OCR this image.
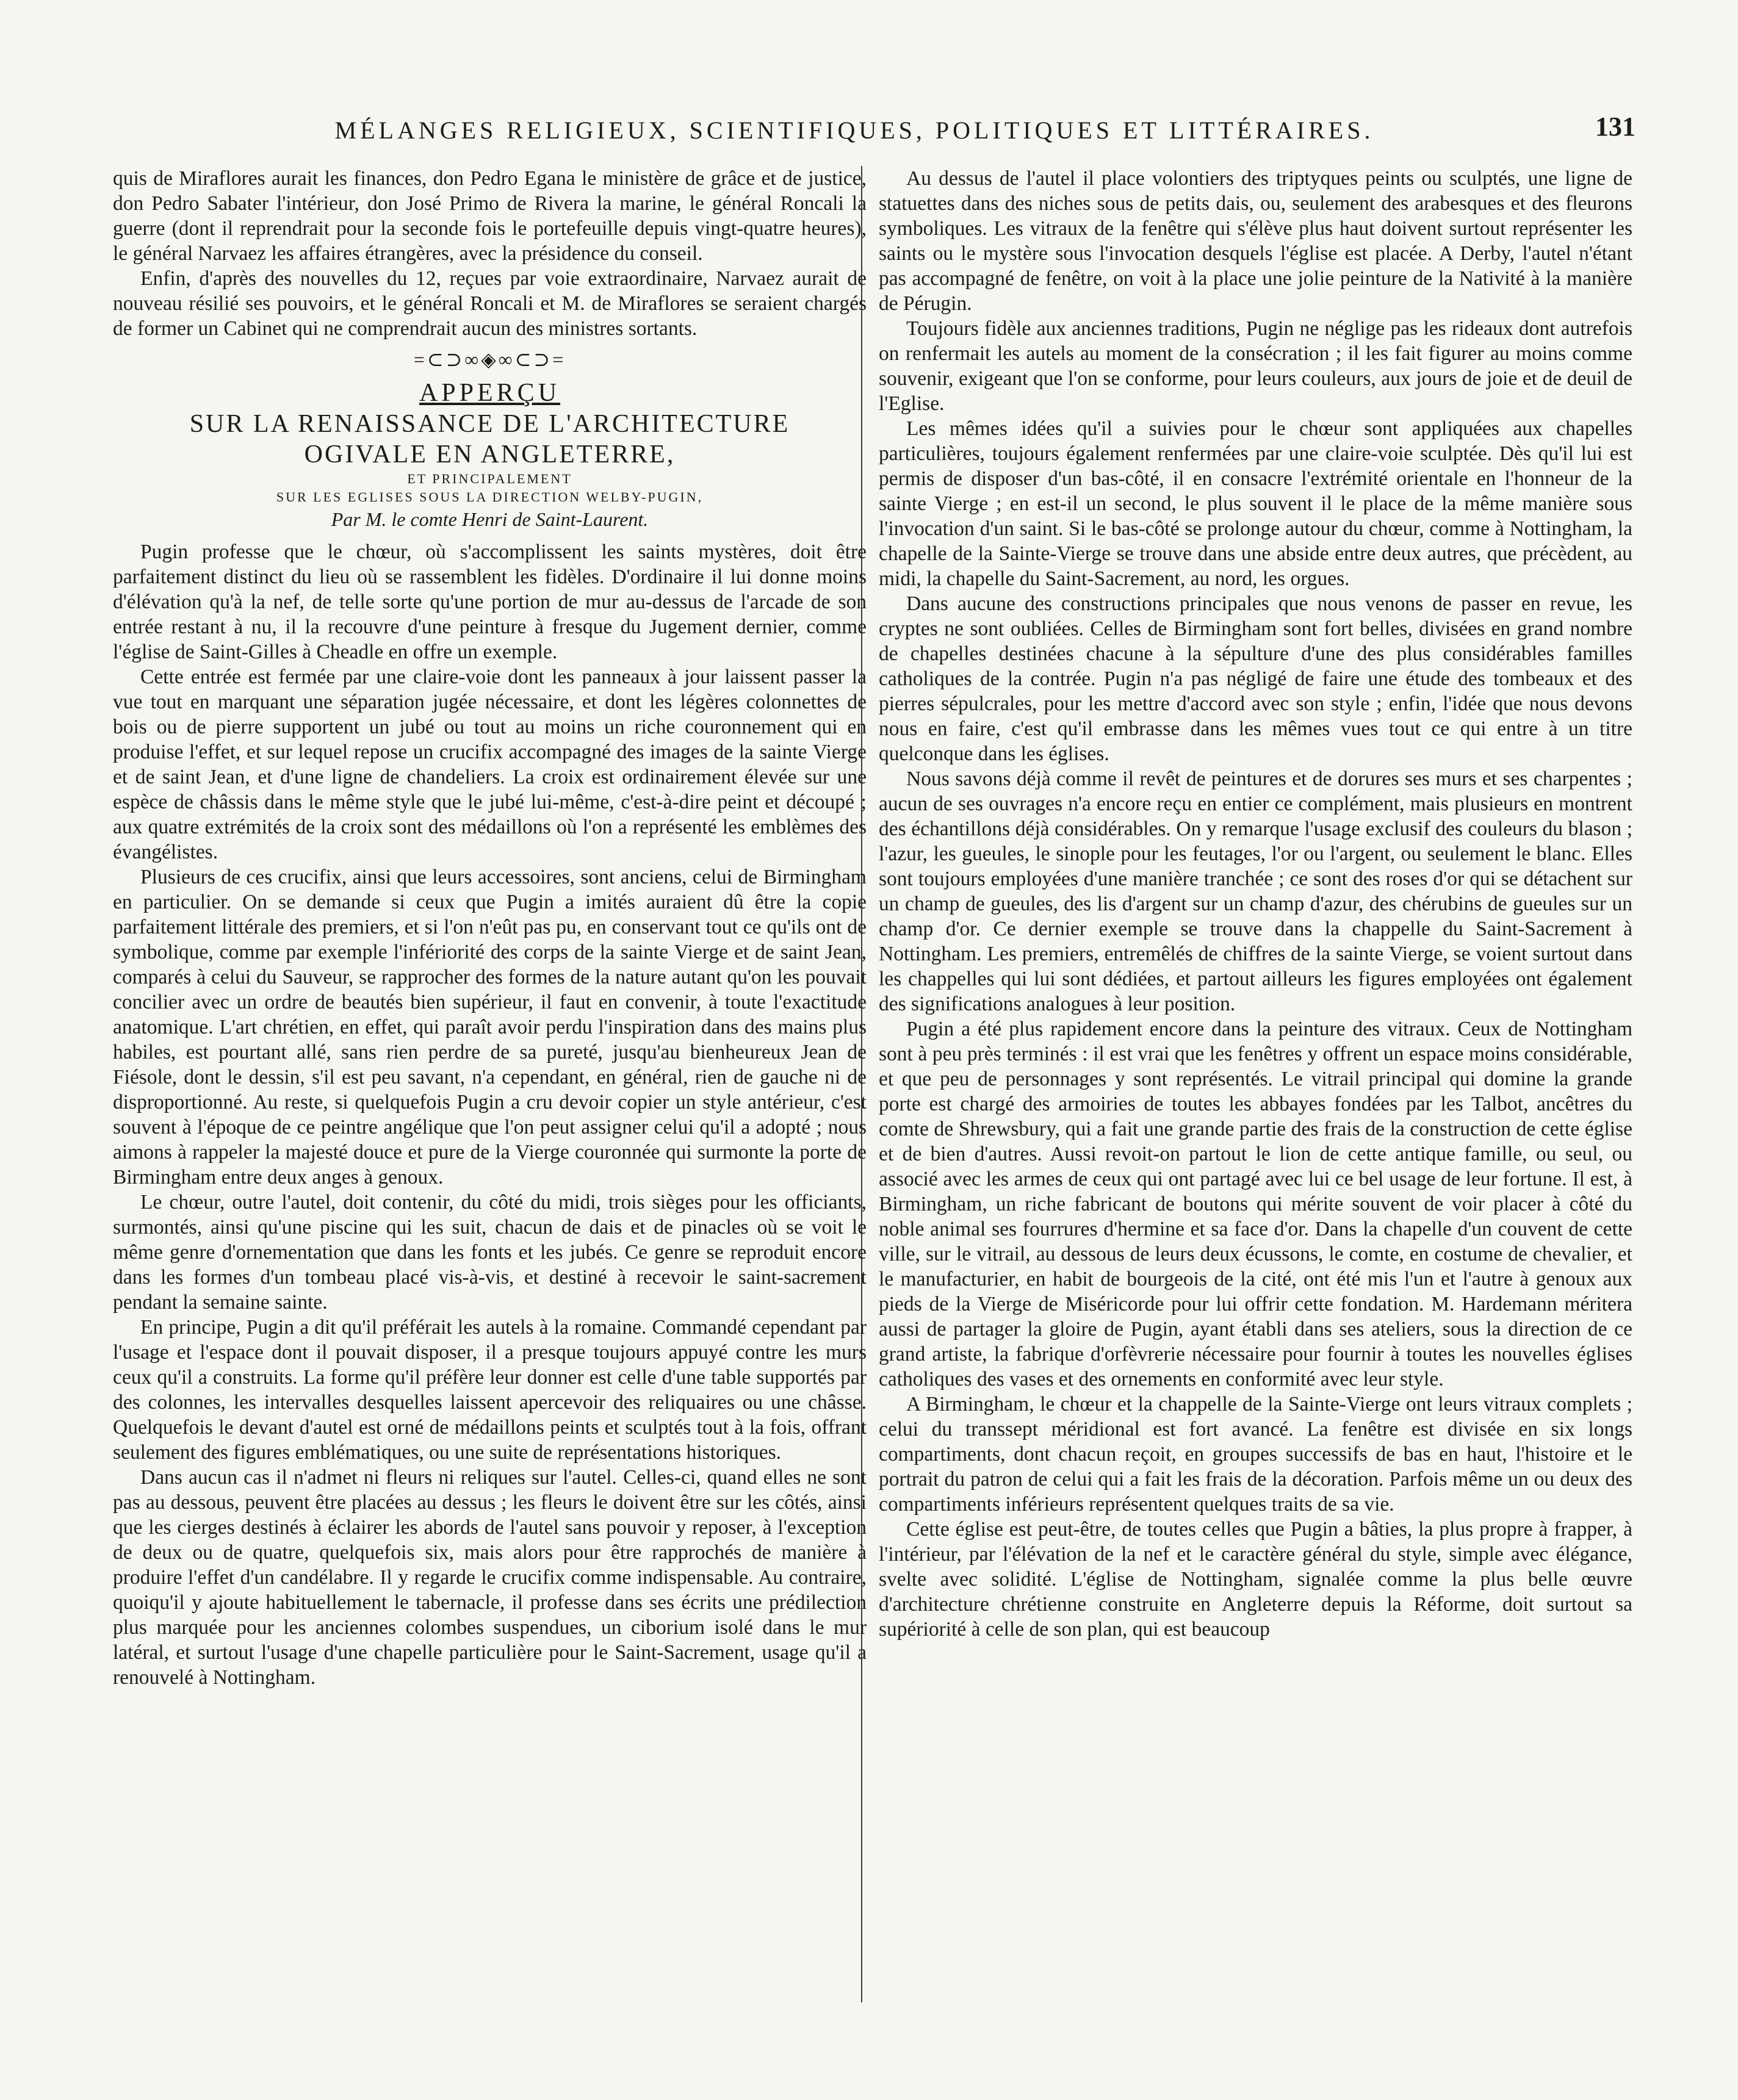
MÉLANGES RELIGIEUX, SCIENTIFIQUES, POLITIQUES ET LITTÉRAIRES.	131

quis de Miraflores aurait les finances, don Pedro Egana le ministère de grâce et de justice, don Pedro Sabater l'intérieur, don José Primo de Rivera la marine, le général Roncali la guerre (dont il reprendrait pour la seconde fois le portefeuille depuis vingt-quatre heures), le général Narvaez les affaires étrangères, avec la présidence du conseil.

Enfin, d'après des nouvelles du 12, reçues par voie extraordinaire, Narvaez aurait de nouveau résilié ses pouvoirs, et le général Roncali et M. de Miraflores se seraient chargés de former un Cabinet qui ne comprendrait aucun des ministres sortants.

=⊂⊃∞◈∞⊂⊃=
APPERÇU
SUR LA RENAISSANCE DE L'ARCHITECTURE
OGIVALE EN ANGLETERRE,
ET PRINCIPALEMENT
SUR LES EGLISES SOUS LA DIRECTION WELBY-PUGIN,
Par M. le comte Henri de Saint-Laurent.

Pugin professe que le chœur, où s'accomplissent les saints mystères, doit être parfaitement distinct du lieu où se rassemblent les fidèles. D'ordinaire il lui donne moins d'élévation qu'à la nef, de telle sorte qu'une portion de mur au-dessus de l'arcade de son entrée restant à nu, il la recouvre d'une peinture à fresque du Jugement dernier, comme l'église de Saint-Gilles à Cheadle en offre un exemple.

Cette entrée est fermée par une claire-voie dont les panneaux à jour laissent passer la vue tout en marquant une séparation jugée nécessaire, et dont les légères colonnettes de bois ou de pierre supportent un jubé ou tout au moins un riche couronnement qui en produise l'effet, et sur lequel repose un crucifix accompagné des images de la sainte Vierge et de saint Jean, et d'une ligne de chandeliers. La croix est ordinairement élevée sur une espèce de châssis dans le même style que le jubé lui-même, c'est-à-dire peint et découpé ; aux quatre extrémités de la croix sont des médaillons où l'on a représenté les emblèmes des évangélistes.

Plusieurs de ces crucifix, ainsi que leurs accessoires, sont anciens, celui de Birmingham en particulier. On se demande si ceux que Pugin a imités auraient dû être la copie parfaitement littérale des premiers, et si l'on n'eût pas pu, en conservant tout ce qu'ils ont de symbolique, comme par exemple l'infériorité des corps de la sainte Vierge et de saint Jean, comparés à celui du Sauveur, se rapprocher des formes de la nature autant qu'on les pouvait concilier avec un ordre de beautés bien supérieur, il faut en convenir, à toute l'exactitude anatomique. L'art chrétien, en effet, qui paraît avoir perdu l'inspiration dans des mains plus habiles, est pourtant allé, sans rien perdre de sa pureté, jusqu'au bienheureux Jean de Fiésole, dont le dessin, s'il est peu savant, n'a cependant, en général, rien de gauche ni de disproportionné. Au reste, si quelquefois Pugin a cru devoir copier un style antérieur, c'est souvent à l'époque de ce peintre angélique que l'on peut assigner celui qu'il a adopté ; nous aimons à rappeler la majesté douce et pure de la Vierge couronnée qui surmonte la porte de Birmingham entre deux anges à genoux.

Le chœur, outre l'autel, doit contenir, du côté du midi, trois sièges pour les officiants, surmontés, ainsi qu'une piscine qui les suit, chacun de dais et de pinacles où se voit le même genre d'ornementation que dans les fonts et les jubés. Ce genre se reproduit encore dans les formes d'un tombeau placé vis-à-vis, et destiné à recevoir le saint-sacrement pendant la semaine sainte.

En principe, Pugin a dit qu'il préférait les autels à la romaine. Commandé cependant par l'usage et l'espace dont il pouvait disposer, il a presque toujours appuyé contre les murs ceux qu'il a construits. La forme qu'il préfère leur donner est celle d'une table supportés par des colonnes, les intervalles desquelles laissent apercevoir des reliquaires ou une châsse. Quelquefois le devant d'autel est orné de médaillons peints et sculptés tout à la fois, offrant seulement des figures emblématiques, ou une suite de représentations historiques.

Dans aucun cas il n'admet ni fleurs ni reliques sur l'autel. Celles-ci, quand elles ne sont pas au dessous, peuvent être placées au dessus ; les fleurs le doivent être sur les côtés, ainsi que les cierges destinés à éclairer les abords de l'autel sans pouvoir y reposer, à l'exception de deux ou de quatre, quelquefois six, mais alors pour être rapprochés de manière à produire l'effet d'un candélabre. Il y regarde le crucifix comme indispensable. Au contraire, quoiqu'il y ajoute habituellement le tabernacle, il professe dans ses écrits une prédilection plus marquée pour les anciennes colombes suspendues, un ciborium isolé dans le mur latéral, et surtout l'usage d'une chapelle particulière pour le Saint-Sacrement, usage qu'il a renouvelé à Nottingham.

Au dessus de l'autel il place volontiers des triptyques peints ou sculptés, une ligne de statuettes dans des niches sous de petits dais, ou, seulement des arabesques et des fleurons symboliques. Les vitraux de la fenêtre qui s'élève plus haut doivent surtout représenter les saints ou le mystère sous l'invocation desquels l'église est placée. A Derby, l'autel n'étant pas accompagné de fenêtre, on voit à la place une jolie peinture de la Nativité à la manière de Pérugin.

Toujours fidèle aux anciennes traditions, Pugin ne néglige pas les rideaux dont autrefois on renfermait les autels au moment de la consécration ; il les fait figurer au moins comme souvenir, exigeant que l'on se conforme, pour leurs couleurs, aux jours de joie et de deuil de l'Eglise.

Les mêmes idées qu'il a suivies pour le chœur sont appliquées aux chapelles particulières, toujours également renfermées par une claire-voie sculptée. Dès qu'il lui est permis de disposer d'un bas-côté, il en consacre l'extrémité orientale en l'honneur de la sainte Vierge ; en est-il un second, le plus souvent il le place de la même manière sous l'invocation d'un saint. Si le bas-côté se prolonge autour du chœur, comme à Nottingham, la chapelle de la Sainte-Vierge se trouve dans une abside entre deux autres, que précèdent, au midi, la chapelle du Saint-Sacrement, au nord, les orgues.

Dans aucune des constructions principales que nous venons de passer en revue, les cryptes ne sont oubliées. Celles de Birmingham sont fort belles, divisées en grand nombre de chapelles destinées chacune à la sépulture d'une des plus considérables familles catholiques de la contrée. Pugin n'a pas négligé de faire une étude des tombeaux et des pierres sépulcrales, pour les mettre d'accord avec son style ; enfin, l'idée que nous devons nous en faire, c'est qu'il embrasse dans les mêmes vues tout ce qui entre à un titre quelconque dans les églises.

Nous savons déjà comme il revêt de peintures et de dorures ses murs et ses charpentes ; aucun de ses ouvrages n'a encore reçu en entier ce complément, mais plusieurs en montrent des échantillons déjà considérables. On y remarque l'usage exclusif des couleurs du blason ; l'azur, les gueules, le sinople pour les feutages, l'or ou l'argent, ou seulement le blanc. Elles sont toujours employées d'une manière tranchée ; ce sont des roses d'or qui se détachent sur un champ de gueules, des lis d'argent sur un champ d'azur, des chérubins de gueules sur un champ d'or. Ce dernier exemple se trouve dans la chappelle du Saint-Sacrement à Nottingham. Les premiers, entremêlés de chiffres de la sainte Vierge, se voient surtout dans les chappelles qui lui sont dédiées, et partout ailleurs les figures employées ont également des significations analogues à leur position.

Pugin a été plus rapidement encore dans la peinture des vitraux. Ceux de Nottingham sont à peu près terminés : il est vrai que les fenêtres y offrent un espace moins considérable, et que peu de personnages y sont représentés. Le vitrail principal qui domine la grande porte est chargé des armoiries de toutes les abbayes fondées par les Talbot, ancêtres du comte de Shrewsbury, qui a fait une grande partie des frais de la construction de cette église et de bien d'autres. Aussi revoit-on partout le lion de cette antique famille, ou seul, ou associé avec les armes de ceux qui ont partagé avec lui ce bel usage de leur fortune. Il est, à Birmingham, un riche fabricant de boutons qui mérite souvent de voir placer à côté du noble animal ses fourrures d'hermine et sa face d'or. Dans la chapelle d'un couvent de cette ville, sur le vitrail, au dessous de leurs deux écussons, le comte, en costume de chevalier, et le manufacturier, en habit de bourgeois de la cité, ont été mis l'un et l'autre à genoux aux pieds de la Vierge de Miséricorde pour lui offrir cette fondation. M. Hardemann méritera aussi de partager la gloire de Pugin, ayant établi dans ses ateliers, sous la direction de ce grand artiste, la fabrique d'orfèvrerie nécessaire pour fournir à toutes les nouvelles églises catholiques des vases et des ornements en conformité avec leur style.

A Birmingham, le chœur et la chappelle de la Sainte-Vierge ont leurs vitraux complets ; celui du transsept méridional est fort avancé. La fenêtre est divisée en six longs compartiments, dont chacun reçoit, en groupes successifs de bas en haut, l'histoire et le portrait du patron de celui qui a fait les frais de la décoration. Parfois même un ou deux des compartiments inférieurs représentent quelques traits de sa vie.

Cette église est peut-être, de toutes celles que Pugin a bâties, la plus propre à frapper, à l'intérieur, par l'élévation de la nef et le caractère général du style, simple avec élégance, svelte avec solidité. L'église de Nottingham, signalée comme la plus belle œuvre d'architecture chrétienne construite en Angleterre depuis la Réforme, doit surtout sa supériorité à celle de son plan, qui est beaucoup
